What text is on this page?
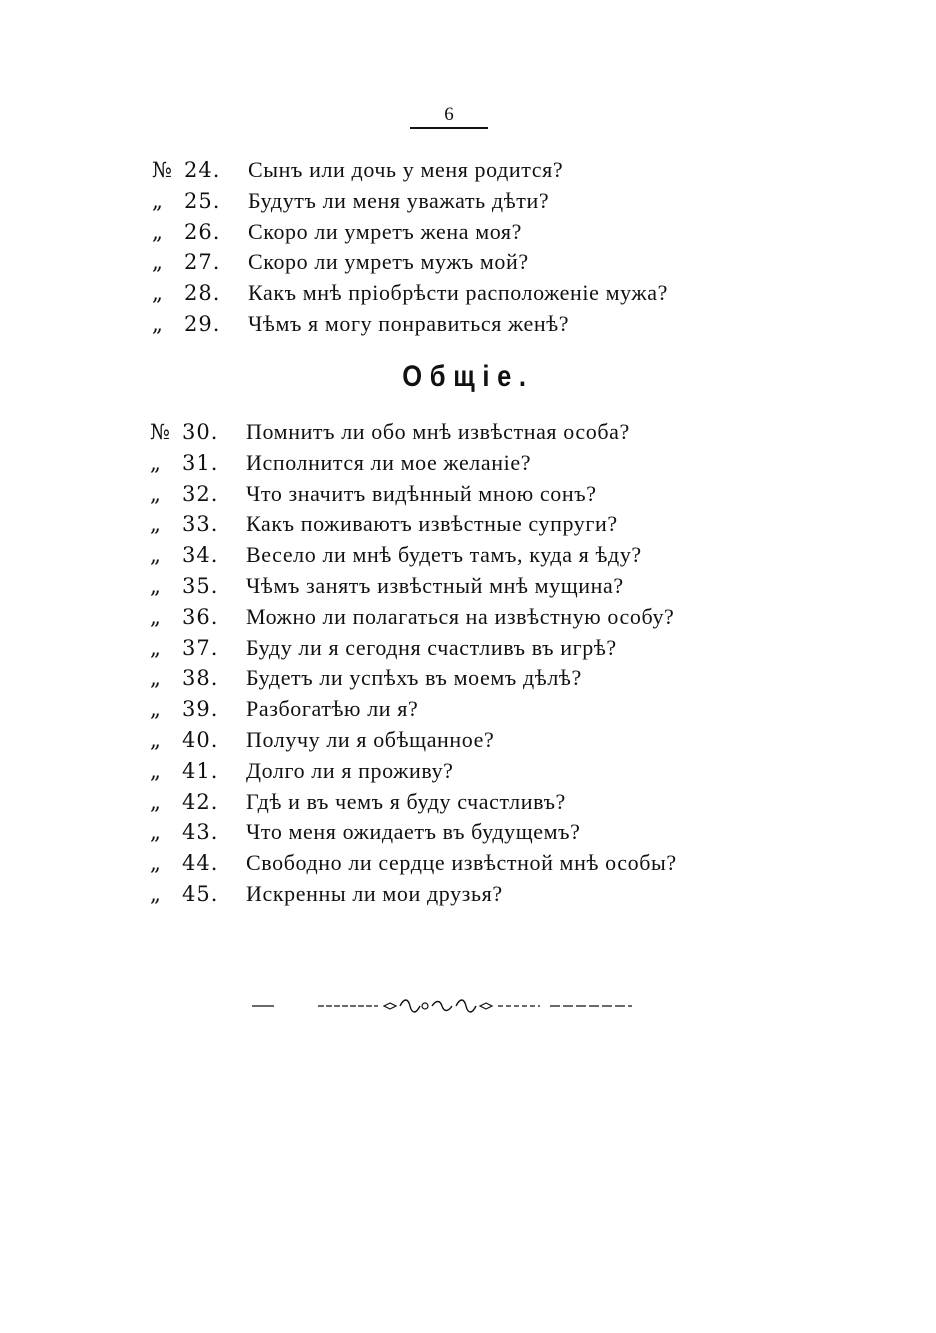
6
№ 24.	Сынъ или дочь у меня родится?
„	25.	Будутъ ли меня уважать дѣти?
„	26.	Скоро ли умретъ жена моя?
„	27.	Скоро ли умретъ мужъ мой?
„	28.	Какъ мнѣ прiобрѣсти расположенiе мужа?
„	29.	Чѣмъ я могу понравиться женѣ?
Общiе.
№ 30.	Помнитъ ли обо мнѣ извѣстная особа?
„	31.	Исполнится ли мое желанiе?
„	32.	Что значитъ видѣнный мною сонъ?
„	33.	Какъ поживаютъ извѣстные супруги?
„	34.	Весело ли мнѣ будетъ тамъ, куда я ѣду?
„	35.	Чѣмъ занятъ извѣстный мнѣ мущина?
„	36.	Можно ли полагаться на извѣстную особу?
„	37.	Буду ли я сегодня счастливъ въ игрѣ?
„	38.	Будетъ ли успѣхъ въ моемъ дѣлѣ?
„	39.	Разбогатѣю ли я?
„	40.	Получу ли я обѣщанное?
„	41.	Долго ли я проживу?
„	42.	Гдѣ и въ чемъ я буду счастливъ?
„	43.	Что меня ожидаетъ въ будущемъ?
„	44.	Свободно ли сердце извѣстной мнѣ особы?
„	45.	Искренны ли мои друзья?
